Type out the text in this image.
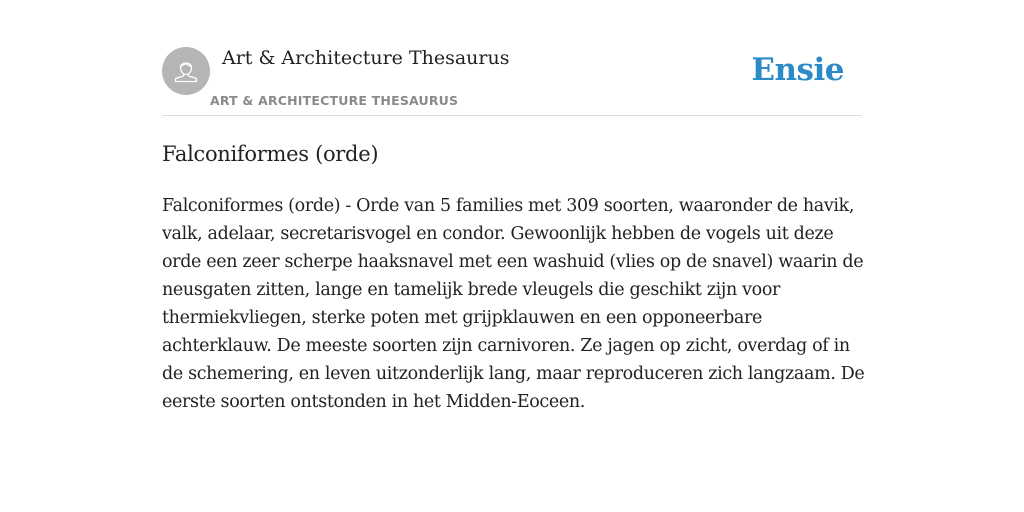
Art & Architecture Thesaurus
ART & ARCHITECTURE THESAURUS
Ensie
Falconiformes (orde)

Falconiformes (orde) - Orde van 5 families met 309 soorten, waaronder de havik, valk, adelaar, secretarisvogel en condor. Gewoonlijk hebben de vogels uit deze orde een zeer scherpe haaksnavel met een washuid (vlies op de snavel) waarin de neusgaten zitten, lange en tamelijk brede vleugels die geschikt zijn voor thermiekvliegen, sterke poten met grijpklauwen en een opponeerbare achterklauw. De meeste soorten zijn carnivoren. Ze jagen op zicht, overdag of in de schemering, en leven uitzonderlijk lang, maar reproduceren zich langzaam. De eerste soorten ontstonden in het Midden-Eoceen.
